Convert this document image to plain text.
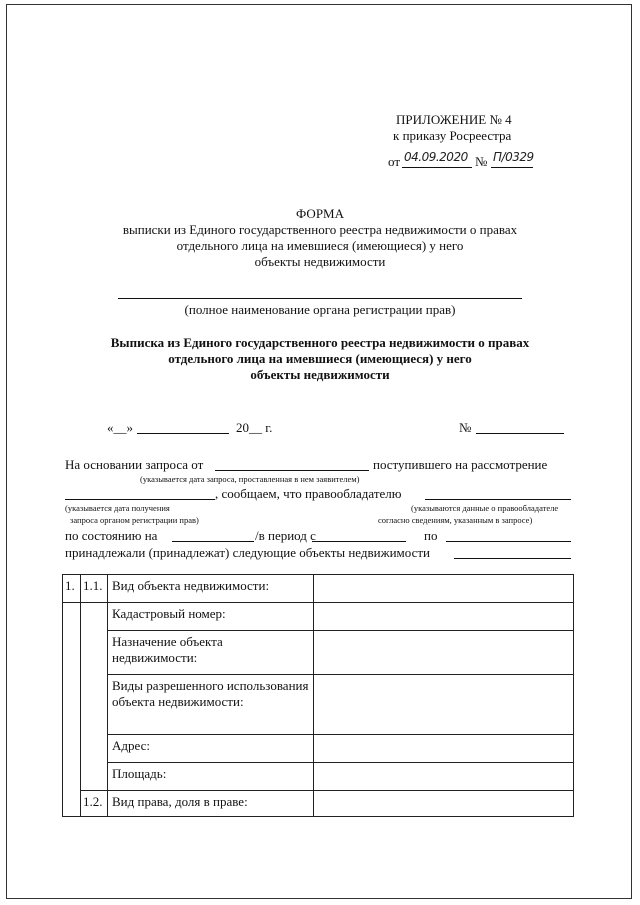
ПРИЛОЖЕНИЕ № 4
к приказу Росреестра
от 04.09.2020 № П/0329
ФОРМА
выписки из Единого государственного реестра недвижимости о правах
отдельного лица на имевшиеся (имеющиеся) у него
объекты недвижимости
(полное наименование органа регистрации прав)
Выписка из Единого государственного реестра недвижимости о правах
отдельного лица на имевшиеся (имеющиеся) у него
объекты недвижимости
«__»	20__ г.	№
На основании запроса от	поступившего на рассмотрение
(указывается дата запроса, проставленная в нем заявителем)
, сообщаем, что правообладателю
(указывается дата получения
запроса органом регистрации прав)
(указываются данные о правообладателе
согласно сведениям, указанным в запросе)
по состоянию на	/в период с	по
принадлежали (принадлежат) следующие объекты недвижимости
1.	1.1.	Вид объекта недвижимости:	
		Кадастровый номер:	
		Назначение объекта недвижимости:	
		Виды разрешенного использования объекта недвижимости:	
		Адрес:	
		Площадь:	
	1.2.	Вид права, доля в праве:	
